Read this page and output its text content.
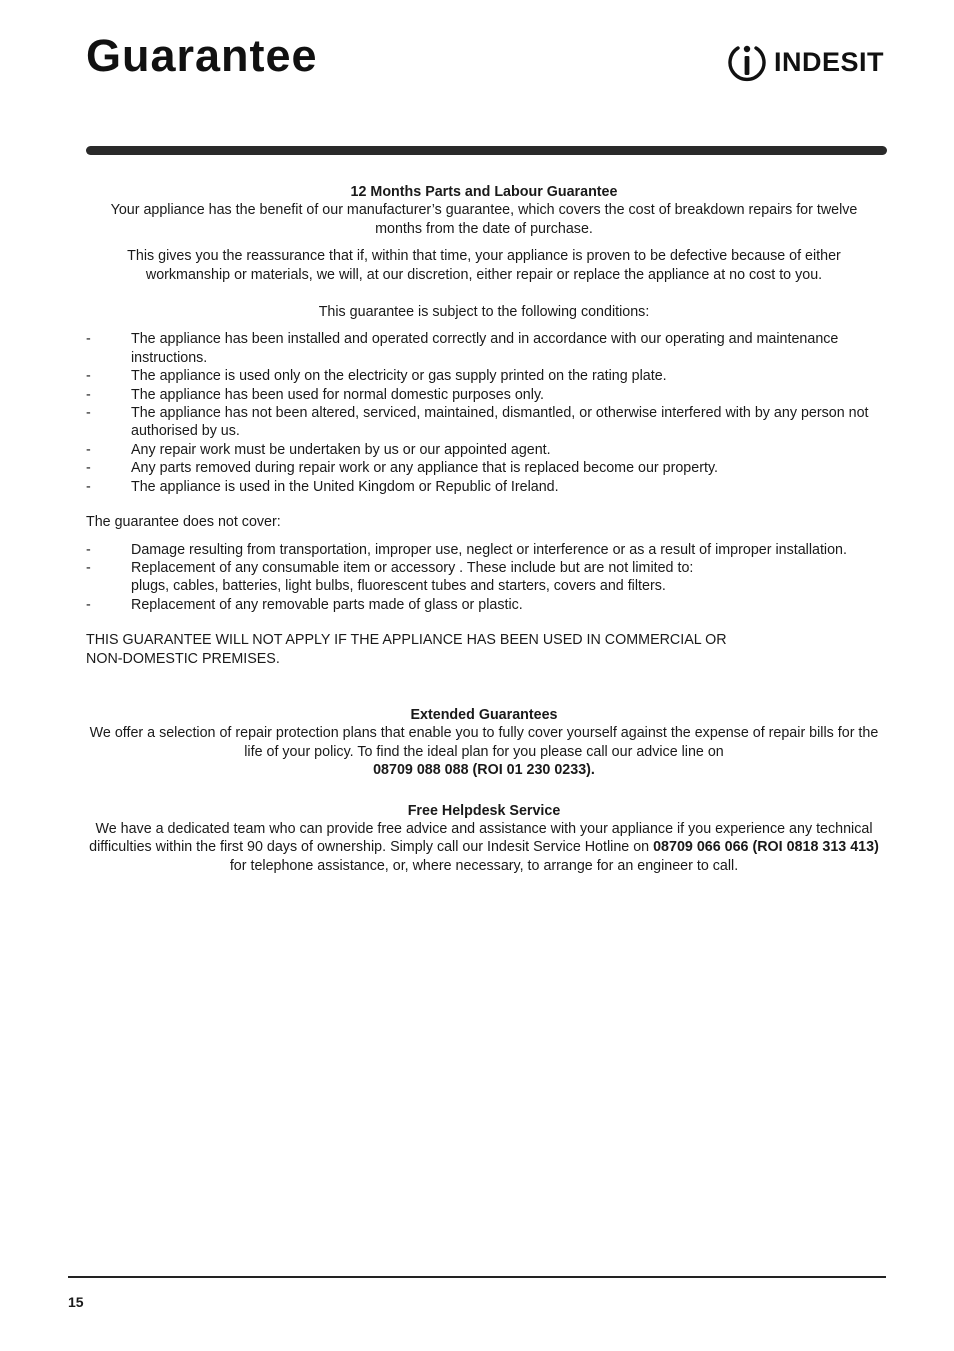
Guarantee	INDESIT

12 Months Parts and Labour Guarantee

Your appliance has the benefit of our manufacturer’s guarantee, which covers the cost of breakdown repairs for twelve months from the date of purchase.

This gives you the reassurance that if, within that time, your appliance is proven to be defective because of either workmanship or materials, we will, at our discretion, either repair or replace the appliance at no cost to you.

This guarantee is subject to the following conditions:

-	The appliance has been installed and operated correctly and in accordance with our operating and maintenance instructions.
-	The appliance is used only on the electricity or gas supply printed on the rating plate.
-	The appliance has been used for normal domestic purposes only.
-	The appliance has not been altered, serviced, maintained, dismantled, or otherwise interfered with by any person not authorised by us.
-	Any repair work must be undertaken by us or our appointed agent.
-	Any parts removed during repair work or any appliance that is replaced become our property.
-	The appliance is used in the United Kingdom or Republic of Ireland.

The guarantee does not cover:

-	Damage resulting from transportation, improper use, neglect or interference or as a result of improper installation.
-	Replacement of any consumable item or accessory . These include but are not limited to:
plugs, cables, batteries, light bulbs, fluorescent tubes and starters, covers and filters.
-	Replacement of any removable parts made of glass or plastic.

THIS GUARANTEE WILL NOT APPLY IF THE APPLIANCE HAS BEEN USED IN COMMERCIAL OR
NON-DOMESTIC PREMISES.

Extended Guarantees

We offer a selection of repair protection plans that enable you to fully cover yourself against the expense of repair bills for the life of your policy. To find the ideal plan for you please call our advice line on

08709 088 088 (ROI 01 230 0233).

Free Helpdesk Service

We have a dedicated team who can provide free advice and assistance with your appliance if you experience any technical difficulties within the first 90 days of ownership. Simply call our Indesit Service Hotline on 08709 066 066 (ROI 0818 313 413) for telephone assistance, or, where necessary, to arrange for an engineer to call.

15
